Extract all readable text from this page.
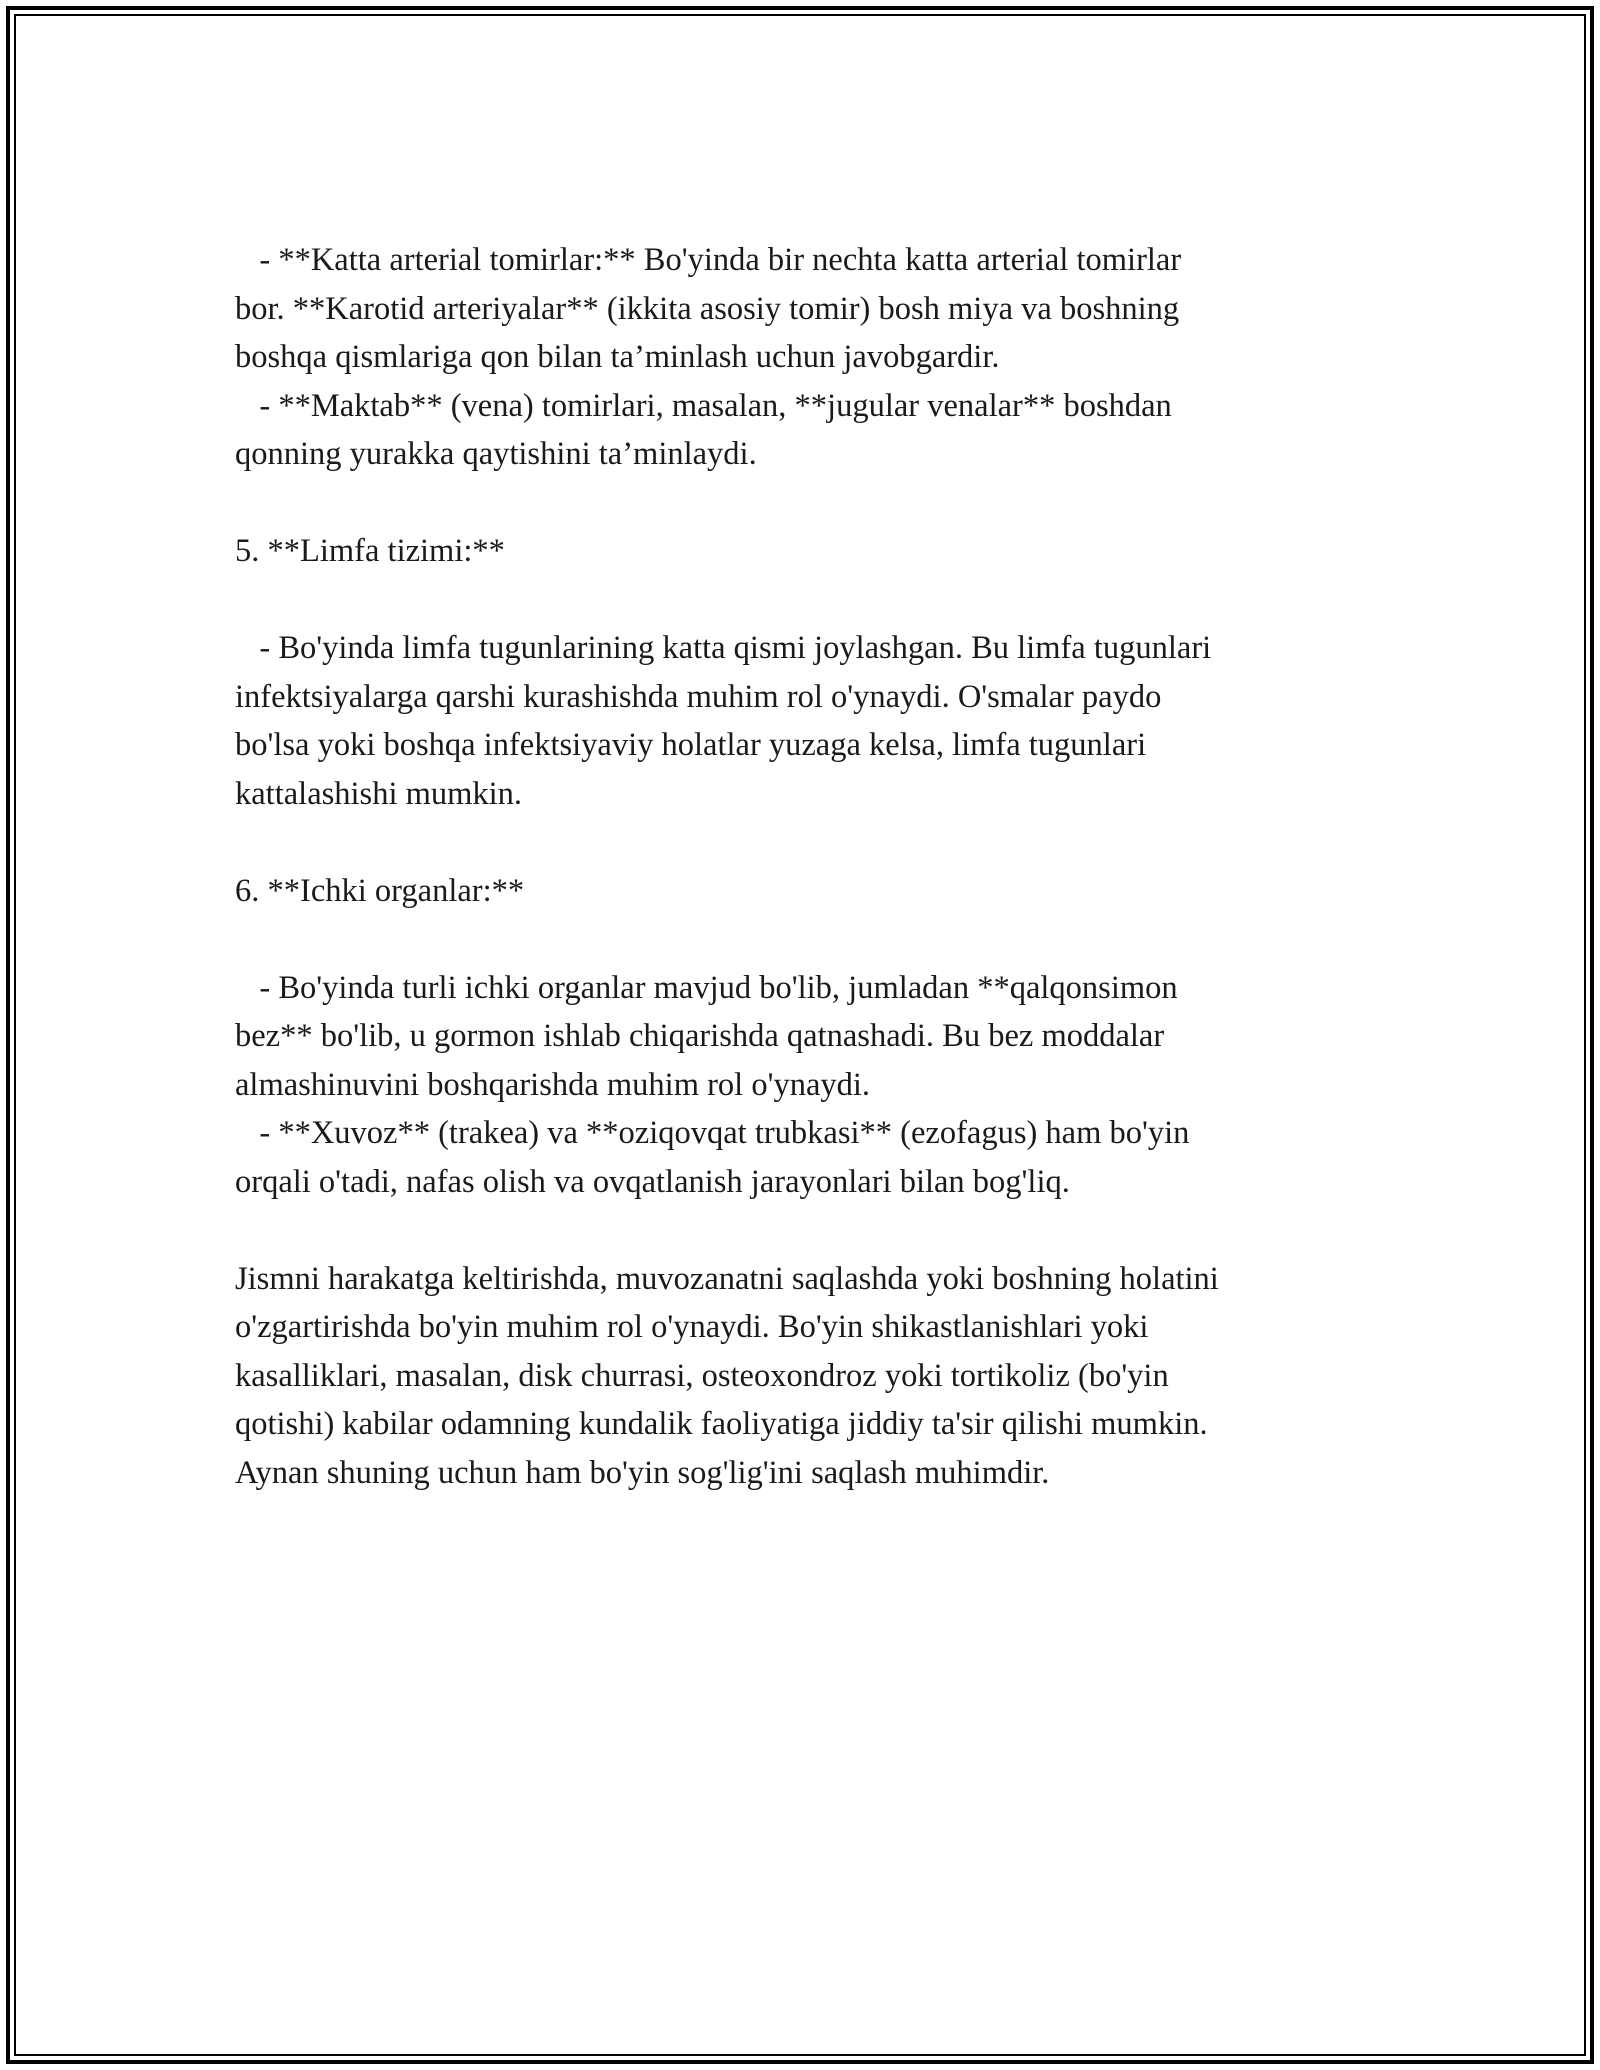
- **Katta arterial tomirlar:** Bo'yinda bir nechta katta arterial tomirlar
bor. **Karotid arteriyalar** (ikkita asosiy tomir) bosh miya va boshning
boshqa qismlariga qon bilan ta’minlash uchun javobgardir.
- **Maktab** (vena) tomirlari, masalan, **jugular venalar** boshdan
qonning yurakka qaytishini ta’minlaydi.
5. **Limfa tizimi:**
- Bo'yinda limfa tugunlarining katta qismi joylashgan. Bu limfa tugunlari
infektsiyalarga qarshi kurashishda muhim rol o'ynaydi. O'smalar paydo
bo'lsa yoki boshqa infektsiyaviy holatlar yuzaga kelsa, limfa tugunlari
kattalashishi mumkin.
6. **Ichki organlar:**
- Bo'yinda turli ichki organlar mavjud bo'lib, jumladan **qalqonsimon
bez** bo'lib, u gormon ishlab chiqarishda qatnashadi. Bu bez moddalar
almashinuvini boshqarishda muhim rol o'ynaydi.
- **Xuvoz** (trakea) va **oziqovqat trubkasi** (ezofagus) ham bo'yin
orqali o'tadi, nafas olish va ovqatlanish jarayonlari bilan bog'liq.
Jismni harakatga keltirishda, muvozanatni saqlashda yoki boshning holatini
o'zgartirishda bo'yin muhim rol o'ynaydi. Bo'yin shikastlanishlari yoki
kasalliklari, masalan, disk churrasi, osteoxondroz yoki tortikoliz (bo'yin
qotishi) kabilar odamning kundalik faoliyatiga jiddiy ta'sir qilishi mumkin.
Aynan shuning uchun ham bo'yin sog'lig'ini saqlash muhimdir.
